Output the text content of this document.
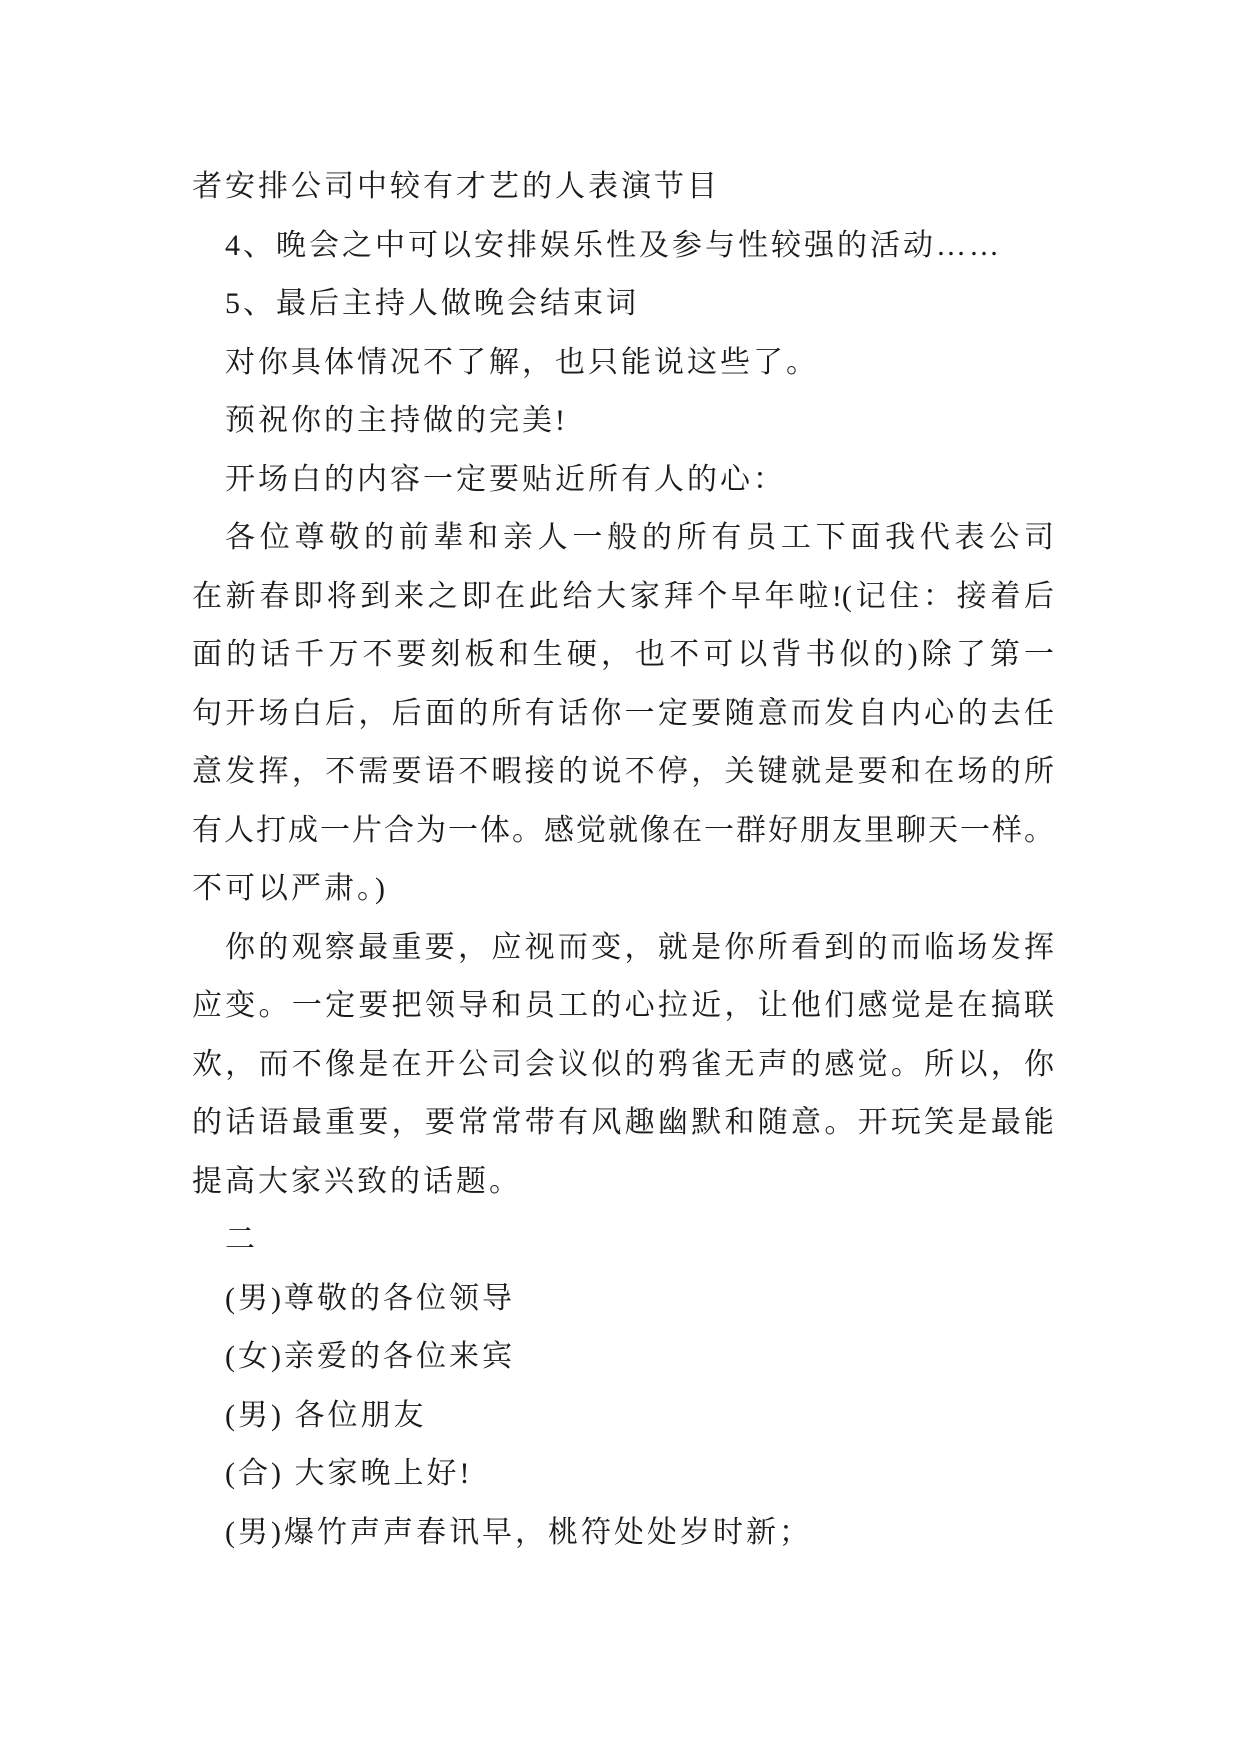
者安排公司中较有才艺的人表演节目
4、晚会之中可以安排娱乐性及参与性较强的活动……
5、最后主持人做晚会结束词
对你具体情况不了解，也只能说这些了。
预祝你的主持做的完美!
开场白的内容一定要贴近所有人的心：
各位尊敬的前辈和亲人一般的所有员工下面我代表公司
在新春即将到来之即在此给大家拜个早年啦!(记住：接着后
面的话千万不要刻板和生硬，也不可以背书似的)除了第一
句开场白后，后面的所有话你一定要随意而发自内心的去任
意发挥，不需要语不暇接的说不停，关键就是要和在场的所
有人打成一片合为一体。感觉就像在一群好朋友里聊天一样。
不可以严肃。)
你的观察最重要，应视而变，就是你所看到的而临场发挥
应变。一定要把领导和员工的心拉近，让他们感觉是在搞联
欢，而不像是在开公司会议似的鸦雀无声的感觉。所以，你
的话语最重要，要常常带有风趣幽默和随意。开玩笑是最能
提高大家兴致的话题。
二
(男)尊敬的各位领导
(女)亲爱的各位来宾
(男) 各位朋友
(合) 大家晚上好!
(男)爆竹声声春讯早，桃符处处岁时新；
